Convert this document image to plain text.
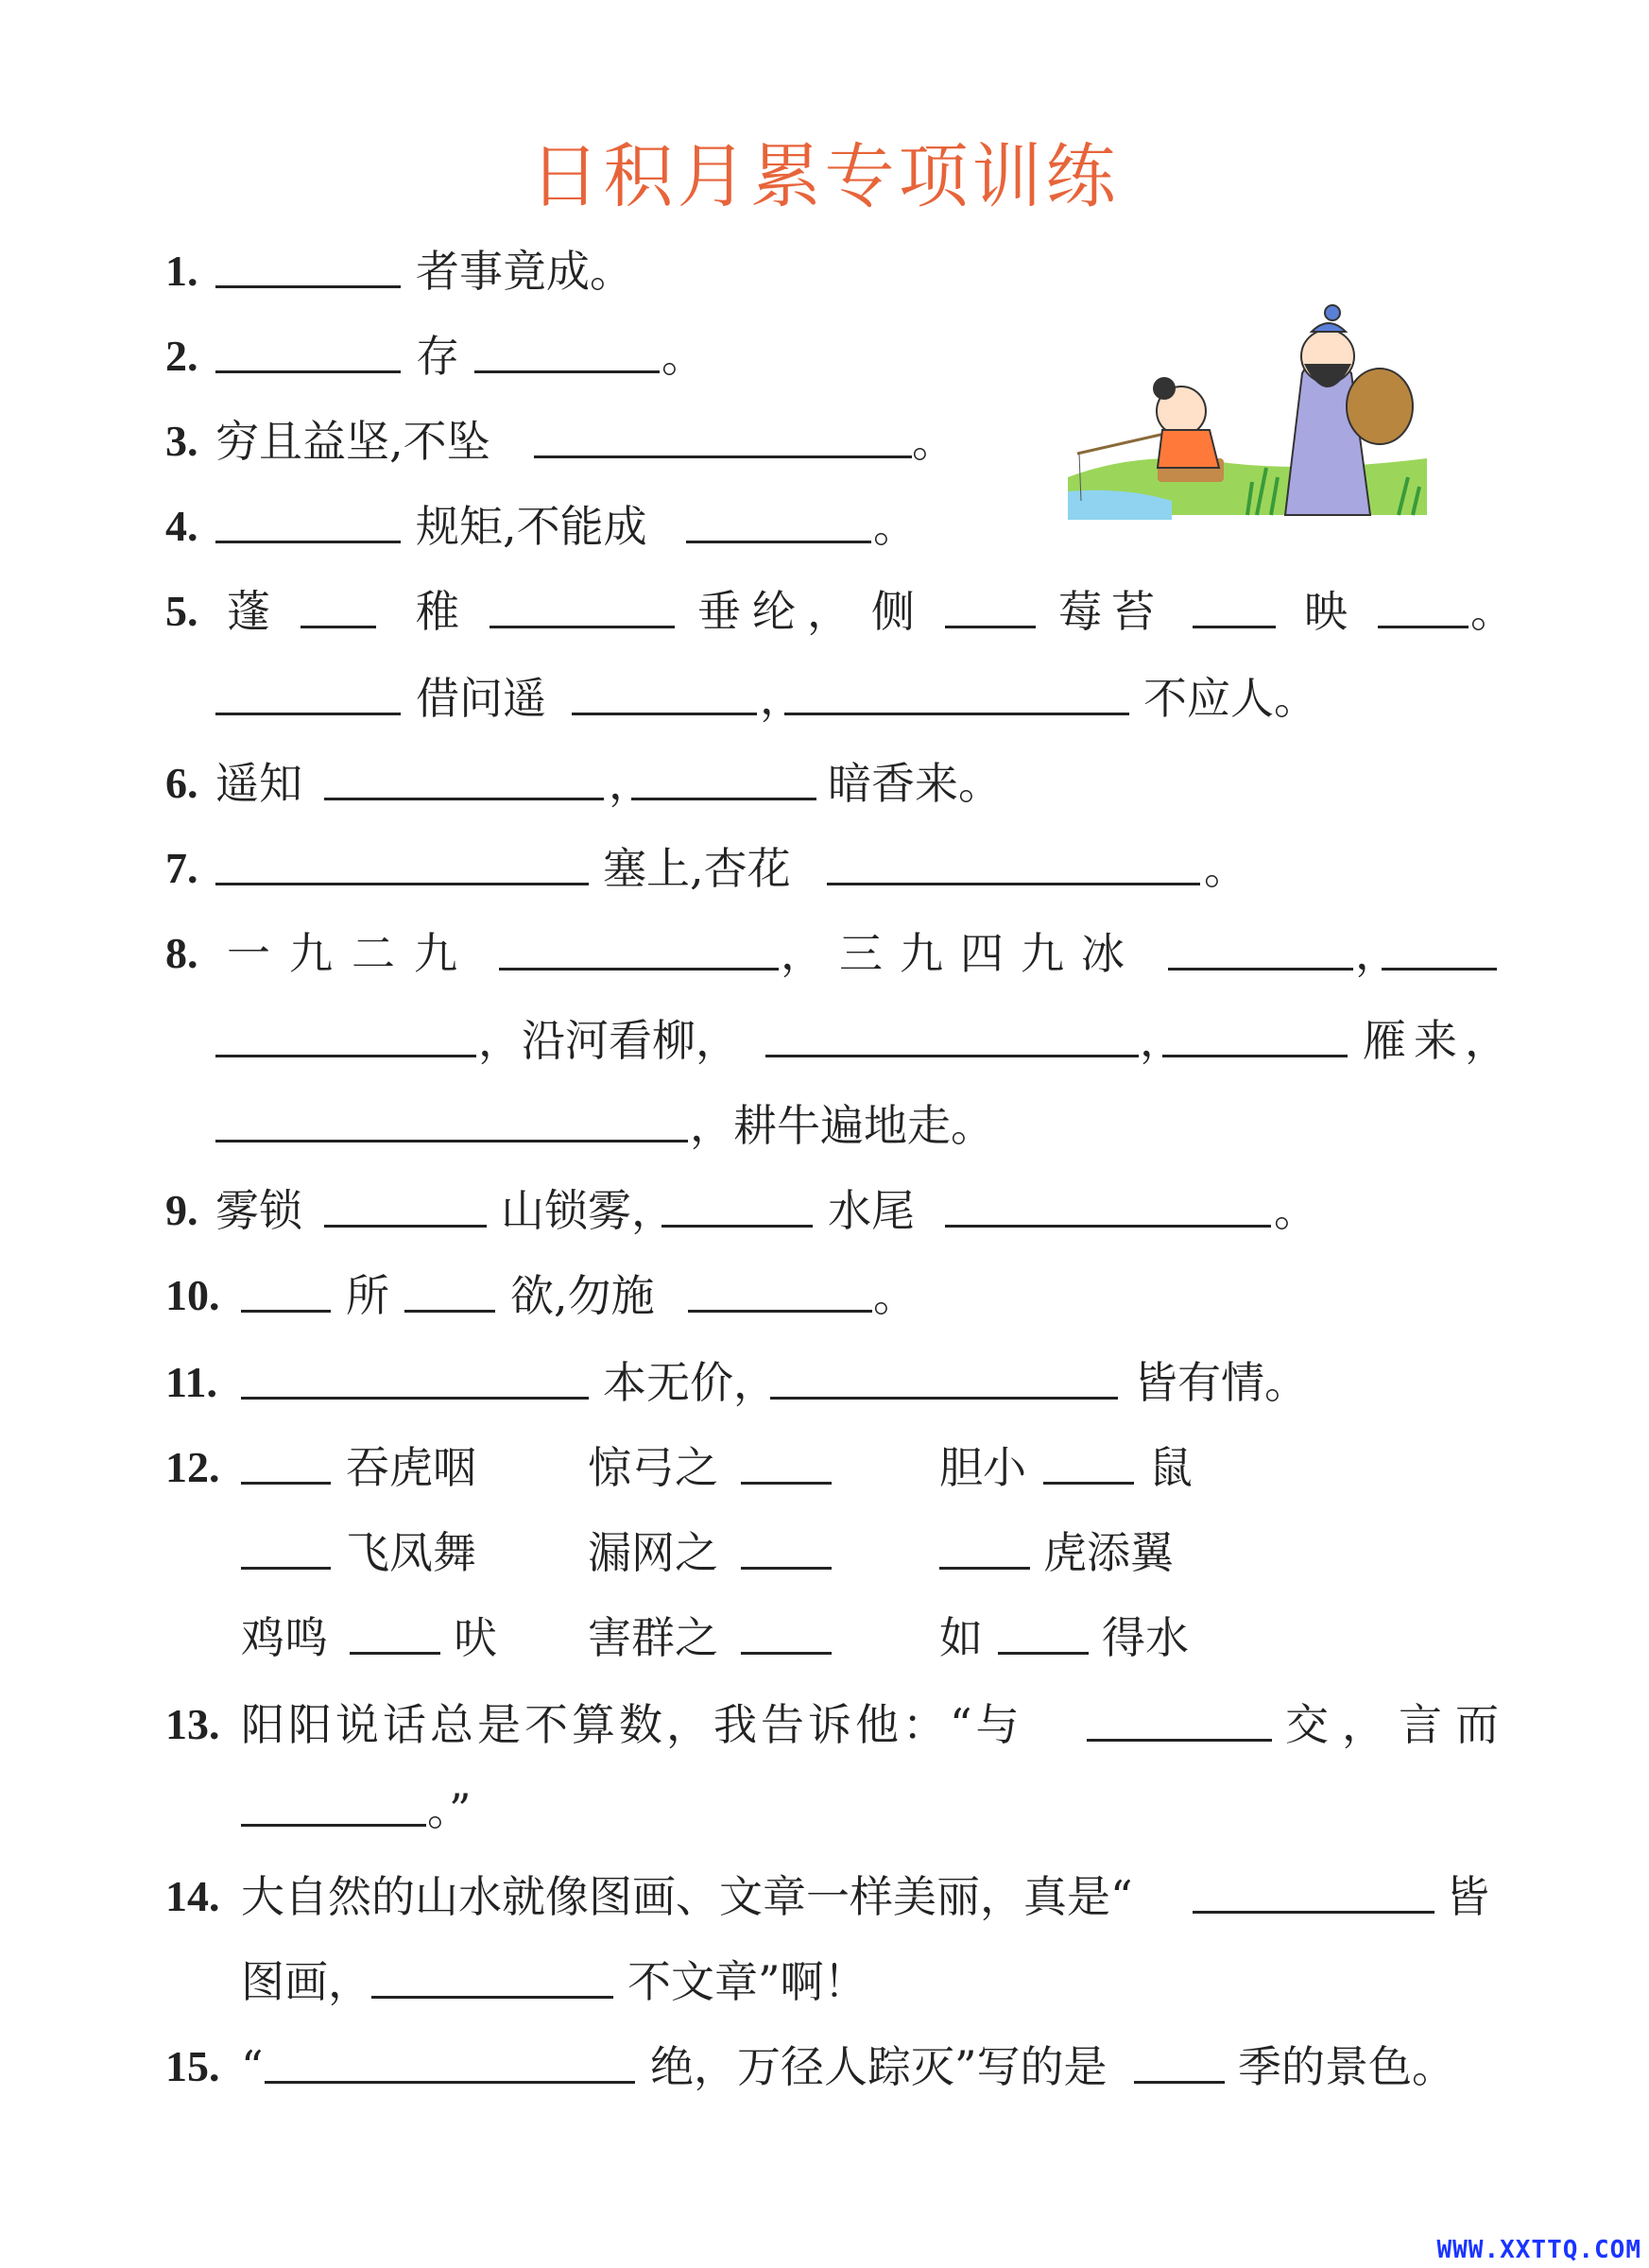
日积月累专项训练
1.	者事竟成。
2.	存	。
3. 穷且益坚,不坠	。
4.	规矩,不能成	。
5. 蓬	稚	垂纶， 侧	莓苔	映	。
借问遥	，	不应人。
6. 遥知	，	暗香来。
7.	塞上,杏花	。
8. 一九二九	， 三九四九冰	，
，沿河看柳，	，	雁来，
，耕牛遍地走。
9. 雾锁	山锁雾，	水尾	。
10.	所	欲,勿施	。
11.	本无价，	皆有情。
12.	吞虎咽	惊弓之	胆小	鼠
飞凤舞	漏网之	虎添翼
鸡鸣	吠 害群之	如	得水
13. 阳阳说话总是不算数，我告诉他：“与	交，言而
。”
14. 大自然的山水就像图画、文章一样美丽，真是“	皆
图画，	不文章”啊！
15. “	绝，万径人踪灭”写的是	季的景色。
WWW.XXTTQ.COM
